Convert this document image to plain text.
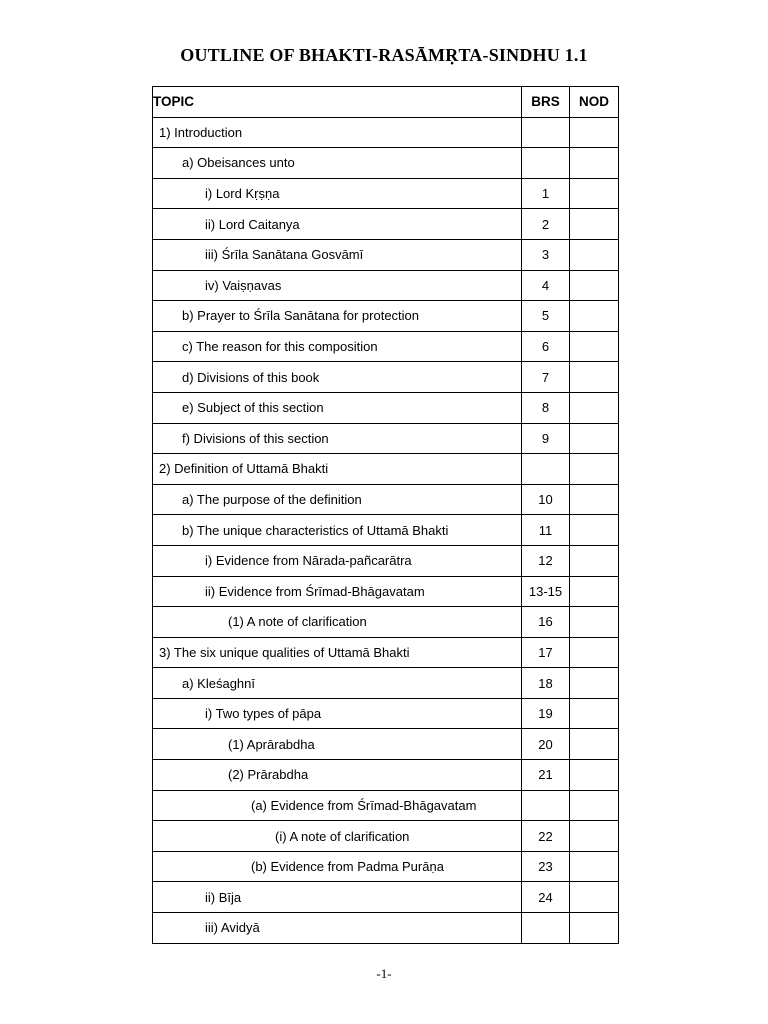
OUTLINE OF BHAKTI-RASĀMṚTA-SINDHU 1.1
TOPIC	BRS	NOD
1) Introduction		
a) Obeisances unto		
i) Lord Kṛṣṇa	1	
ii) Lord Caitanya	2	
iii) Śrīla Sanātana Gosvāmī	3	
iv) Vaiṣṇavas	4	
b) Prayer to Śrīla Sanātana for protection	5	
c) The reason for this composition	6	
d) Divisions of this book	7	
e) Subject of this section	8	
f) Divisions of this section	9	
2) Definition of Uttamā Bhakti		
a) The purpose of the definition	10	
b) The unique characteristics of Uttamā Bhakti	11	
i) Evidence from Nārada-pañcarātra	12	
ii) Evidence from Śrīmad-Bhāgavatam	13-15	
(1) A note of clarification	16	
3) The six unique qualities of Uttamā Bhakti	17	
a) Kleśaghnī	18	
i) Two types of pāpa	19	
(1) Aprārabdha	20	
(2) Prārabdha	21	
(a) Evidence from Śrīmad-Bhāgavatam		
(i) A note of clarification	22	
(b) Evidence from Padma Purāṇa	23	
ii) Bīja	24	
iii) Avidyā		
-1-
